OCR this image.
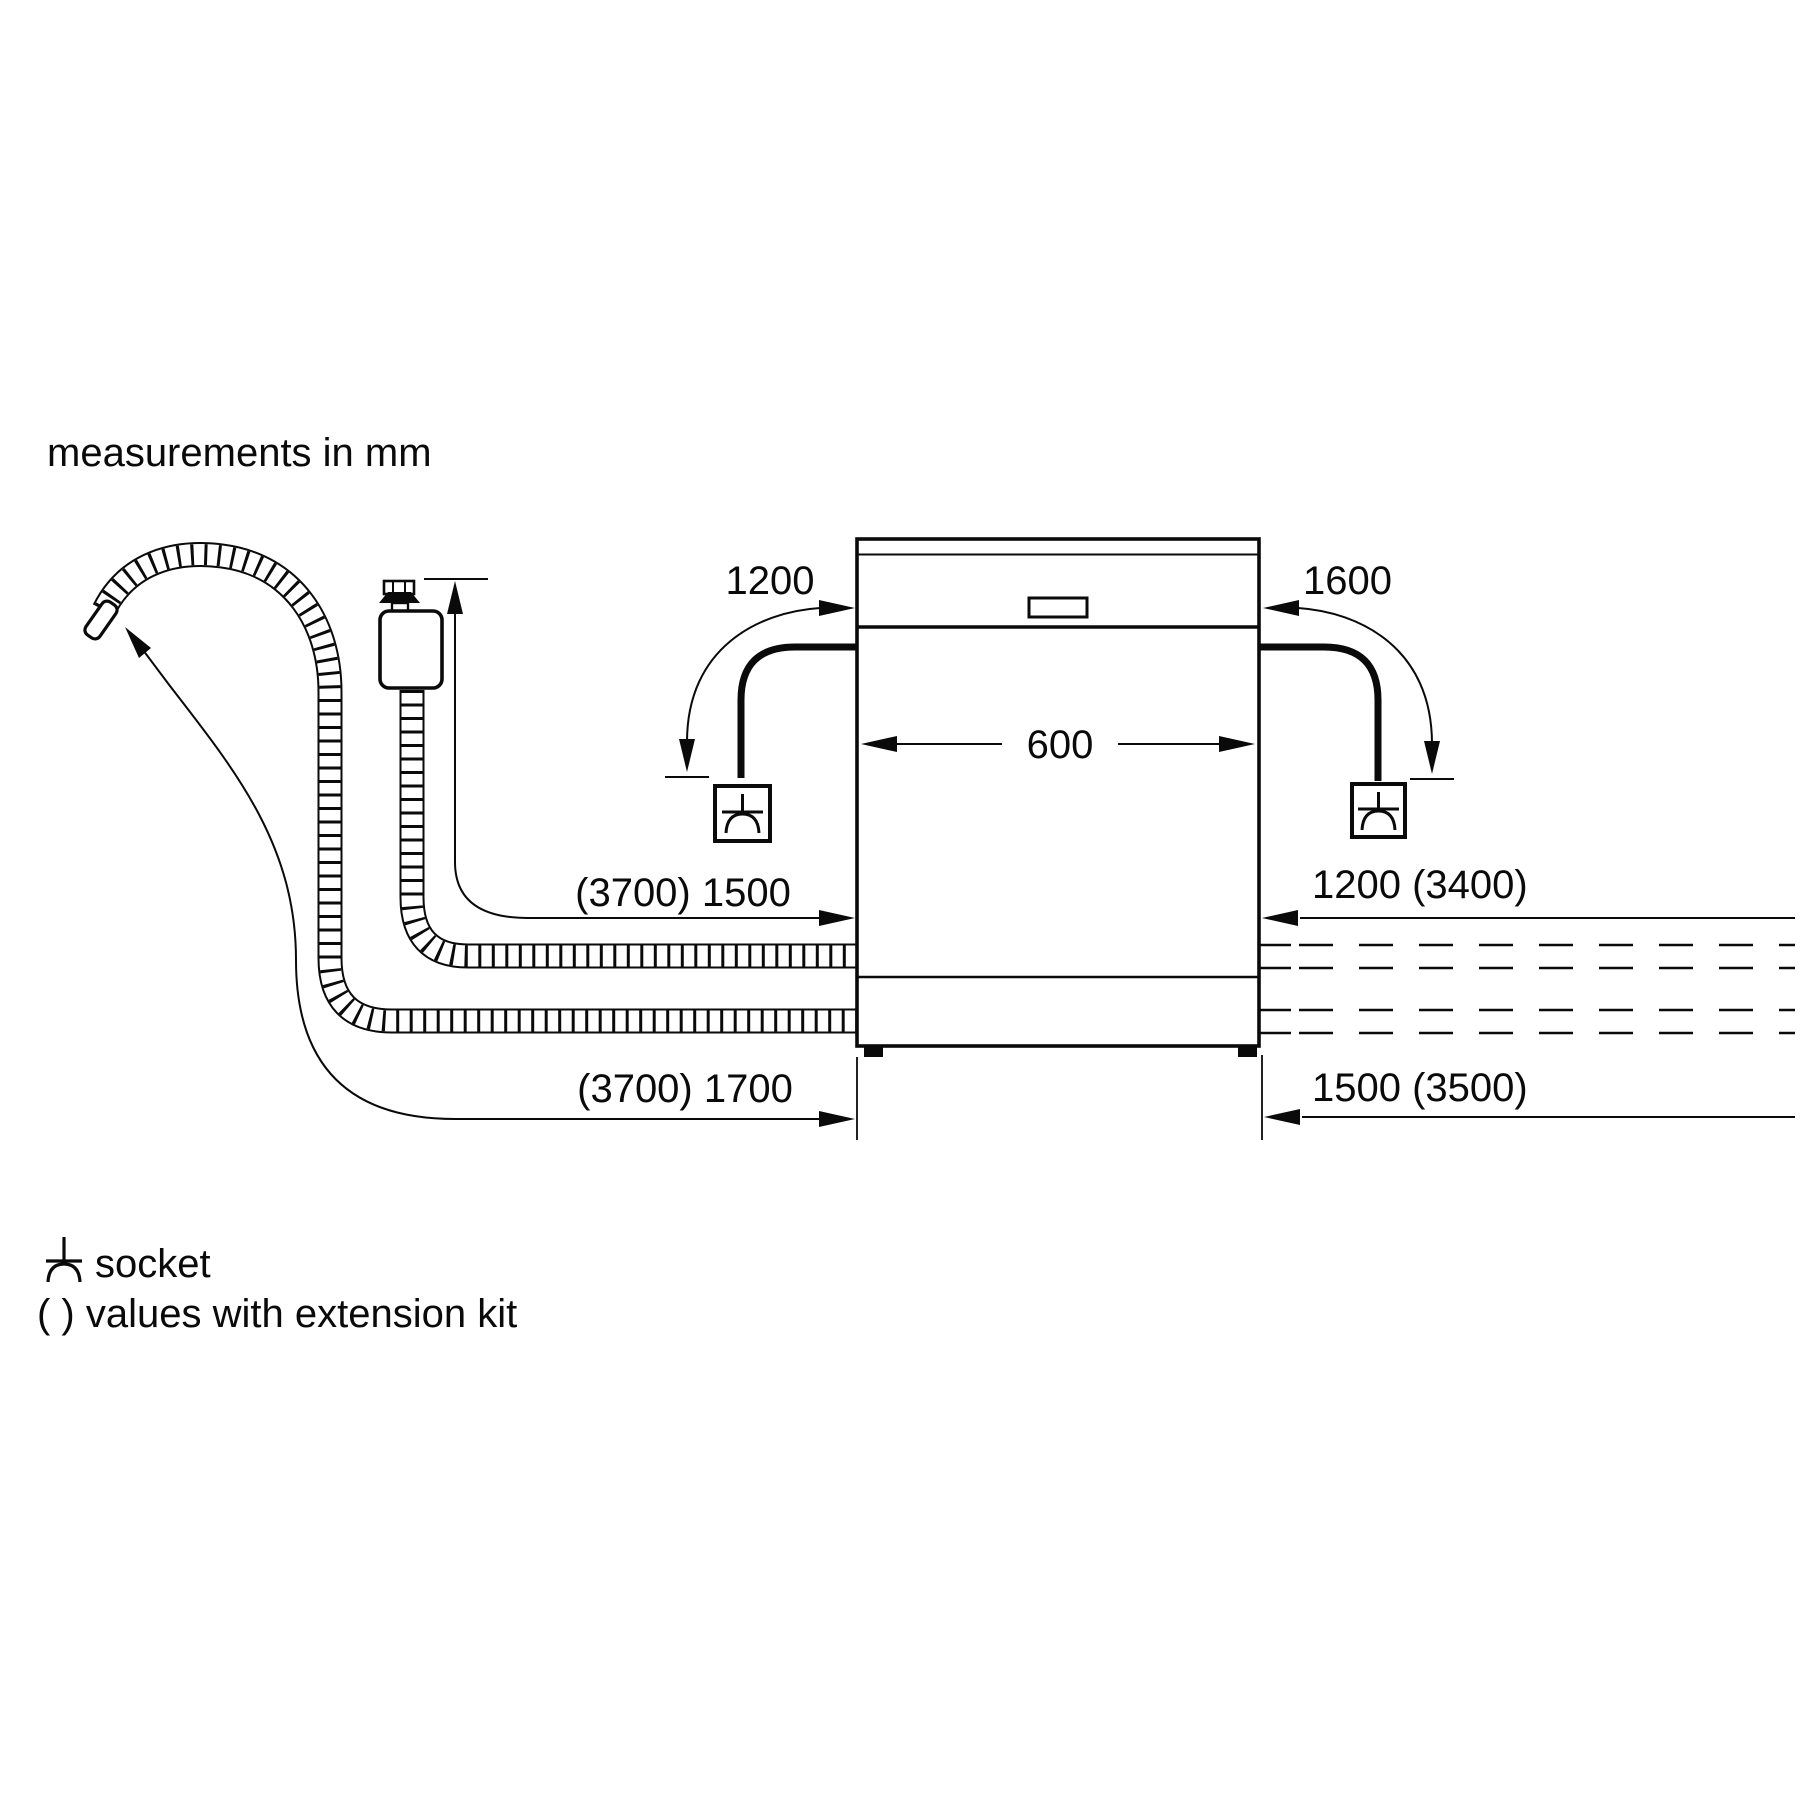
measurements in mm
1200	1600
600
(3700) 1500	1200 (3400)
(3700) 1700	1500 (3500)
socket
( ) values with extension kit
